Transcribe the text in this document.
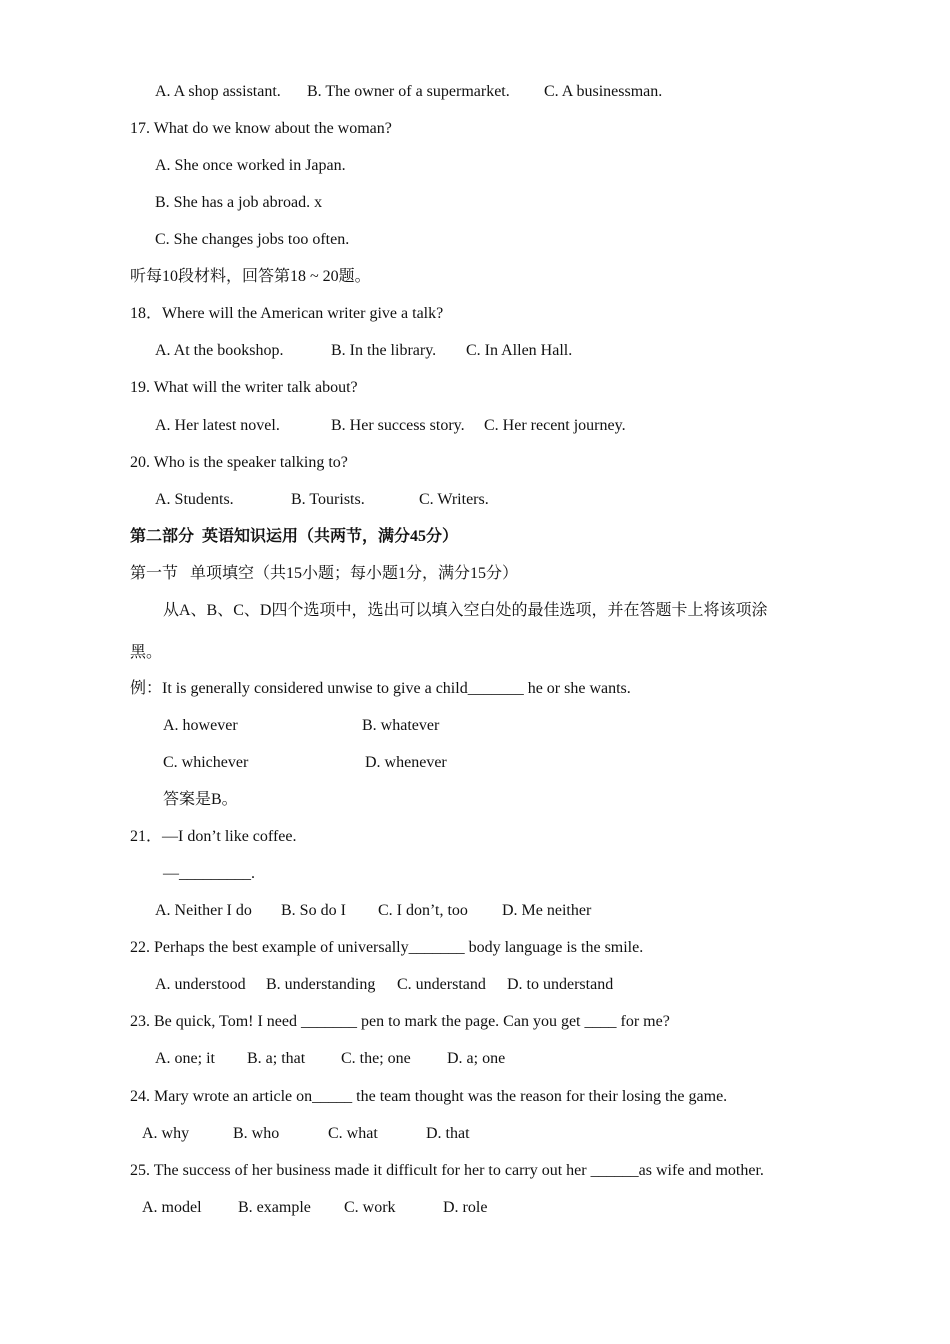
A. A shop assistant.

B. The owner of a supermarket.

C. A businessman.

17. What do we know about the woman?
A. She once worked in Japan.
B. She has a job abroad. x
C. She changes jobs too often.
听每10段材料，回答第18 ~ 20题。
18．Where will the American writer give a talk?

A. At the bookshop.

	B. In the library.

C. In Allen Hall.

19. What will the writer talk about?

A. Her latest novel.

	B. Her success story.

C. Her recent journey.

20. Who is the speaker talking to?

A. Students.

	B. Tourists.

	C. Writers.

第二部分  英语知识运用（共两节，满分45分）
第一节   单项填空（共15小题；每小题1分，满分15分）
从A、B、C、D四个选项中，选出可以填入空白处的最佳选项，并在答题卡上将该项涂
黑。
例：It is generally considered unwise to give a child_______ he or she wants.

A. however

	B. whatever

C. whichever

	D. whenever

答案是B。
21．—I don’t like coffee.
—_________.

A. Neither I do

B. So do I

C. I don’t, too

D. Me neither

22. Perhaps the best example of universally_______ body language is the smile.

A. understood

B. understanding

C. understand

D. to understand

23. Be quick, Tom! I need _______ pen to mark the page. Can you get ____ for me?

A. one; it

B. a; that

C. the; one

D. a; one

24. Mary wrote an article on_____ the team thought was the reason for their losing the game.

A. why

	B. who

	C. what

	D. that

25. The success of her business made it difficult for her to carry out her ______as wife and mother.

A. model

B. example

C. work

	D. role
